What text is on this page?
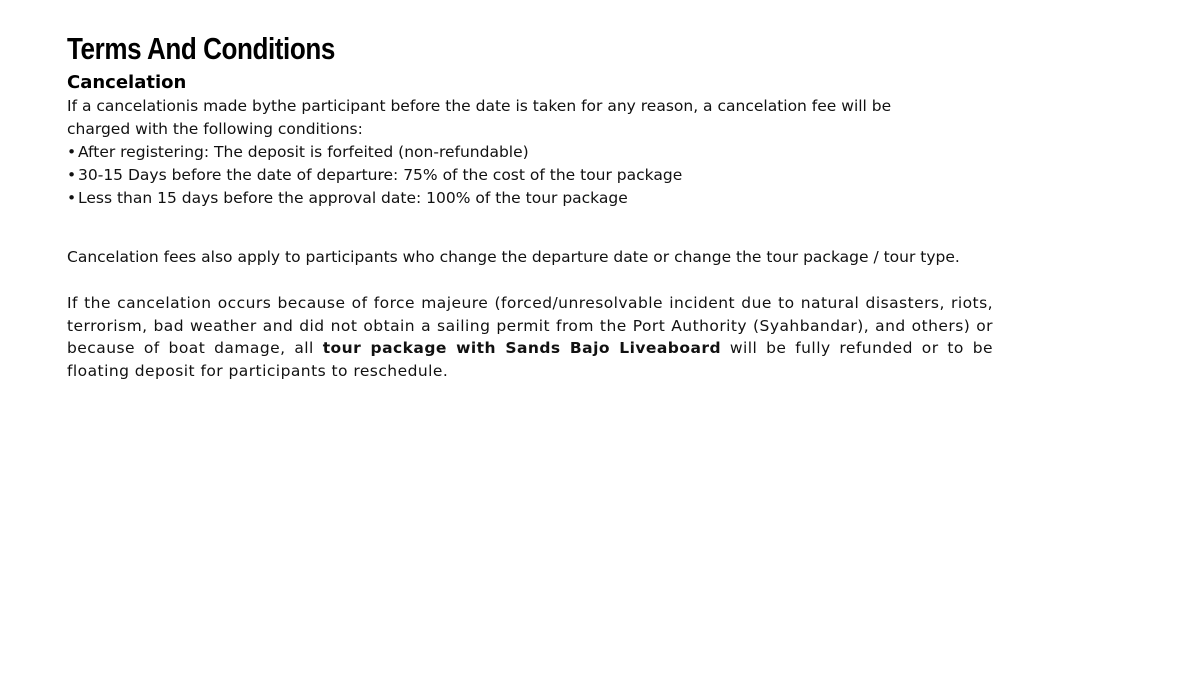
Terms And Conditions
Cancelation

If a cancelationis made bythe participant before the date is taken for any reason, a cancelation fee will be charged with the following conditions:

• After registering: The deposit is forfeited (non-refundable)
• 30-15 Days before the date of departure: 75% of the cost of the tour package
• Less than 15 days before the approval date: 100% of the tour package

Cancelation fees also apply to participants who change the departure date or change the tour package / tour type.

If the cancelation occurs because of force majeure (forced/unresolvable incident due to natural disasters, riots, terrorism, bad weather and did not obtain a sailing permit from the Port Authority (Syahbandar), and others) or because of boat damage, all tour package with Sands Bajo Liveaboard will be fully refunded or to be floating deposit for participants to reschedule.
